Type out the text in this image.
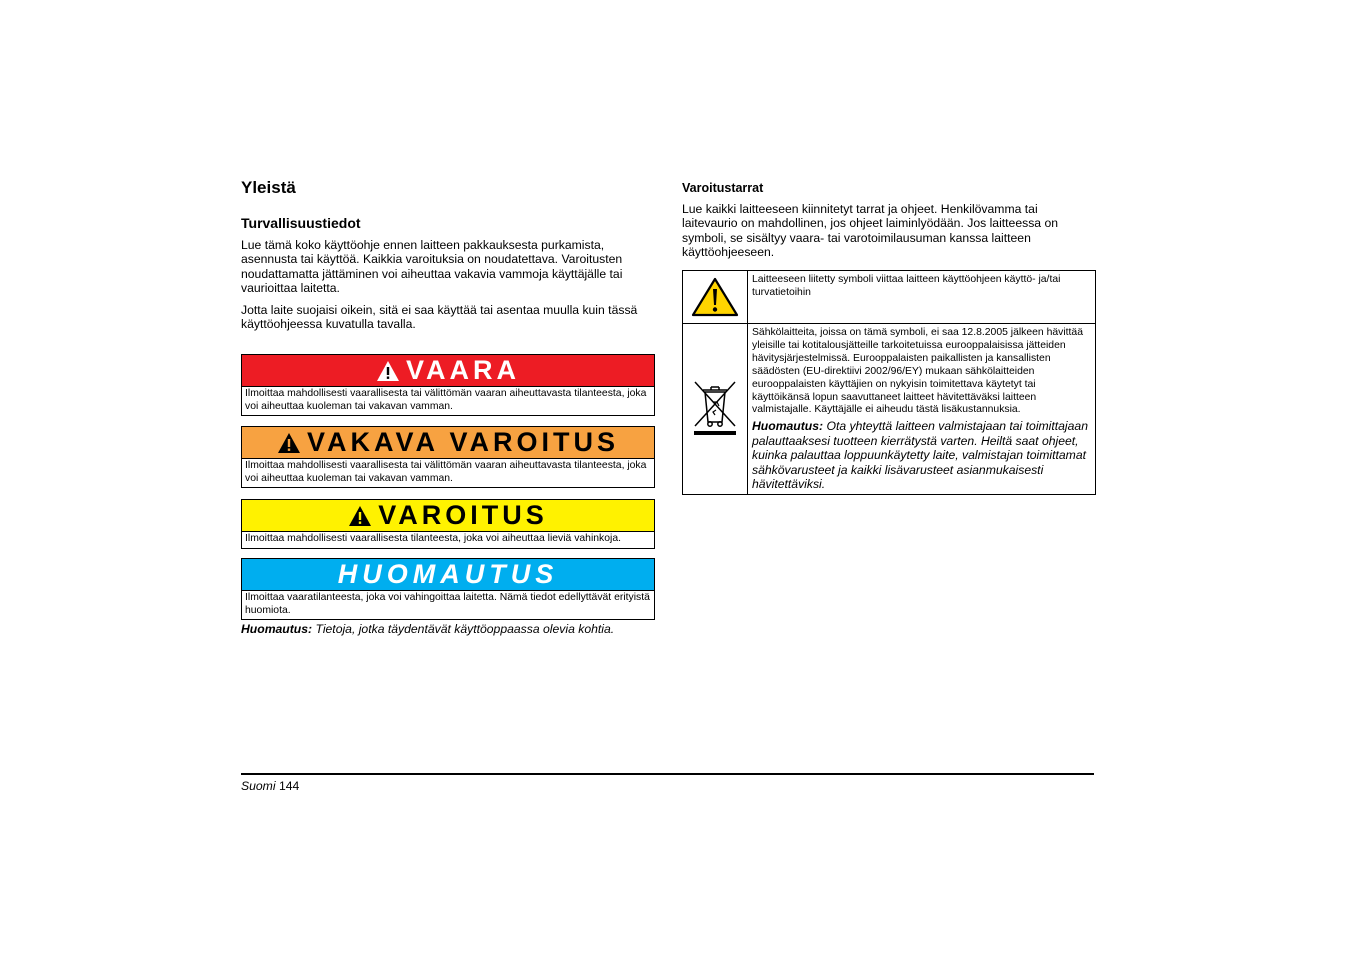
Yleistä
Turvallisuustiedot
Lue tämä koko käyttöohje ennen laitteen pakkauksesta purkamista, asennusta tai käyttöä. Kaikkia varoituksia on noudatettava. Varoitusten noudattamatta jättäminen voi aiheuttaa vakavia vammoja käyttäjälle tai vaurioittaa laitetta.
Jotta laite suojaisi oikein, sitä ei saa käyttää tai asentaa muulla kuin tässä käyttöohjeessa kuvatulla tavalla.
VAARA
Ilmoittaa mahdollisesti vaarallisesta tai välittömän vaaran aiheuttavasta tilanteesta, joka voi aiheuttaa kuoleman tai vakavan vamman.
VAKAVA VAROITUS
Ilmoittaa mahdollisesti vaarallisesta tai välittömän vaaran aiheuttavasta tilanteesta, joka voi aiheuttaa kuoleman tai vakavan vamman.
VAROITUS
Ilmoittaa mahdollisesti vaarallisesta tilanteesta, joka voi aiheuttaa lieviä vahinkoja.
HUOMAUTUS
Ilmoittaa vaaratilanteesta, joka voi vahingoittaa laitetta. Nämä tiedot edellyttävät erityistä huomiota.
Huomautus: Tietoja, jotka täydentävät käyttöoppaassa olevia kohtia.
Varoitustarrat
Lue kaikki laitteeseen kiinnitetyt tarrat ja ohjeet. Henkilövamma tai laitevaurio on mahdollinen, jos ohjeet laiminlyödään. Jos laitteessa on symboli, se sisältyy vaara- tai varotoimilausuman kanssa laitteen käyttöohjeeseen.
	Laitteeseen liitetty symboli viittaa laitteen käyttöohjeen käyttö- ja/tai turvatietoihin

Sähkölaitteita, joissa on tämä symboli, ei saa 12.8.2005 jälkeen hävittää yleisille tai kotitalousjätteille tarkoitetuissa eurooppalaisissa jätteiden hävitysjärjestelmissä. Eurooppalaisten paikallisten ja kansallisten säädösten (EU-direktiivi 2002/96/EY) mukaan sähkölaitteiden eurooppalaisten käyttäjien on nykyisin toimitettava käytetyt tai käyttöikänsä lopun saavuttaneet laitteet hävitettäväksi laitteen valmistajalle. Käyttäjälle ei aiheudu tästä lisäkustannuksia.
Huomautus: Ota yhteyttä laitteen valmistajaan tai toimittajaan palauttaaksesi tuotteen kierrätystä varten. Heiltä saat ohjeet, kuinka palauttaa loppuunkäytetty laite, valmistajan toimittamat sähkövarusteet ja kaikki lisävarusteet asianmukaisesti hävitettäviksi.
Suomi 144
